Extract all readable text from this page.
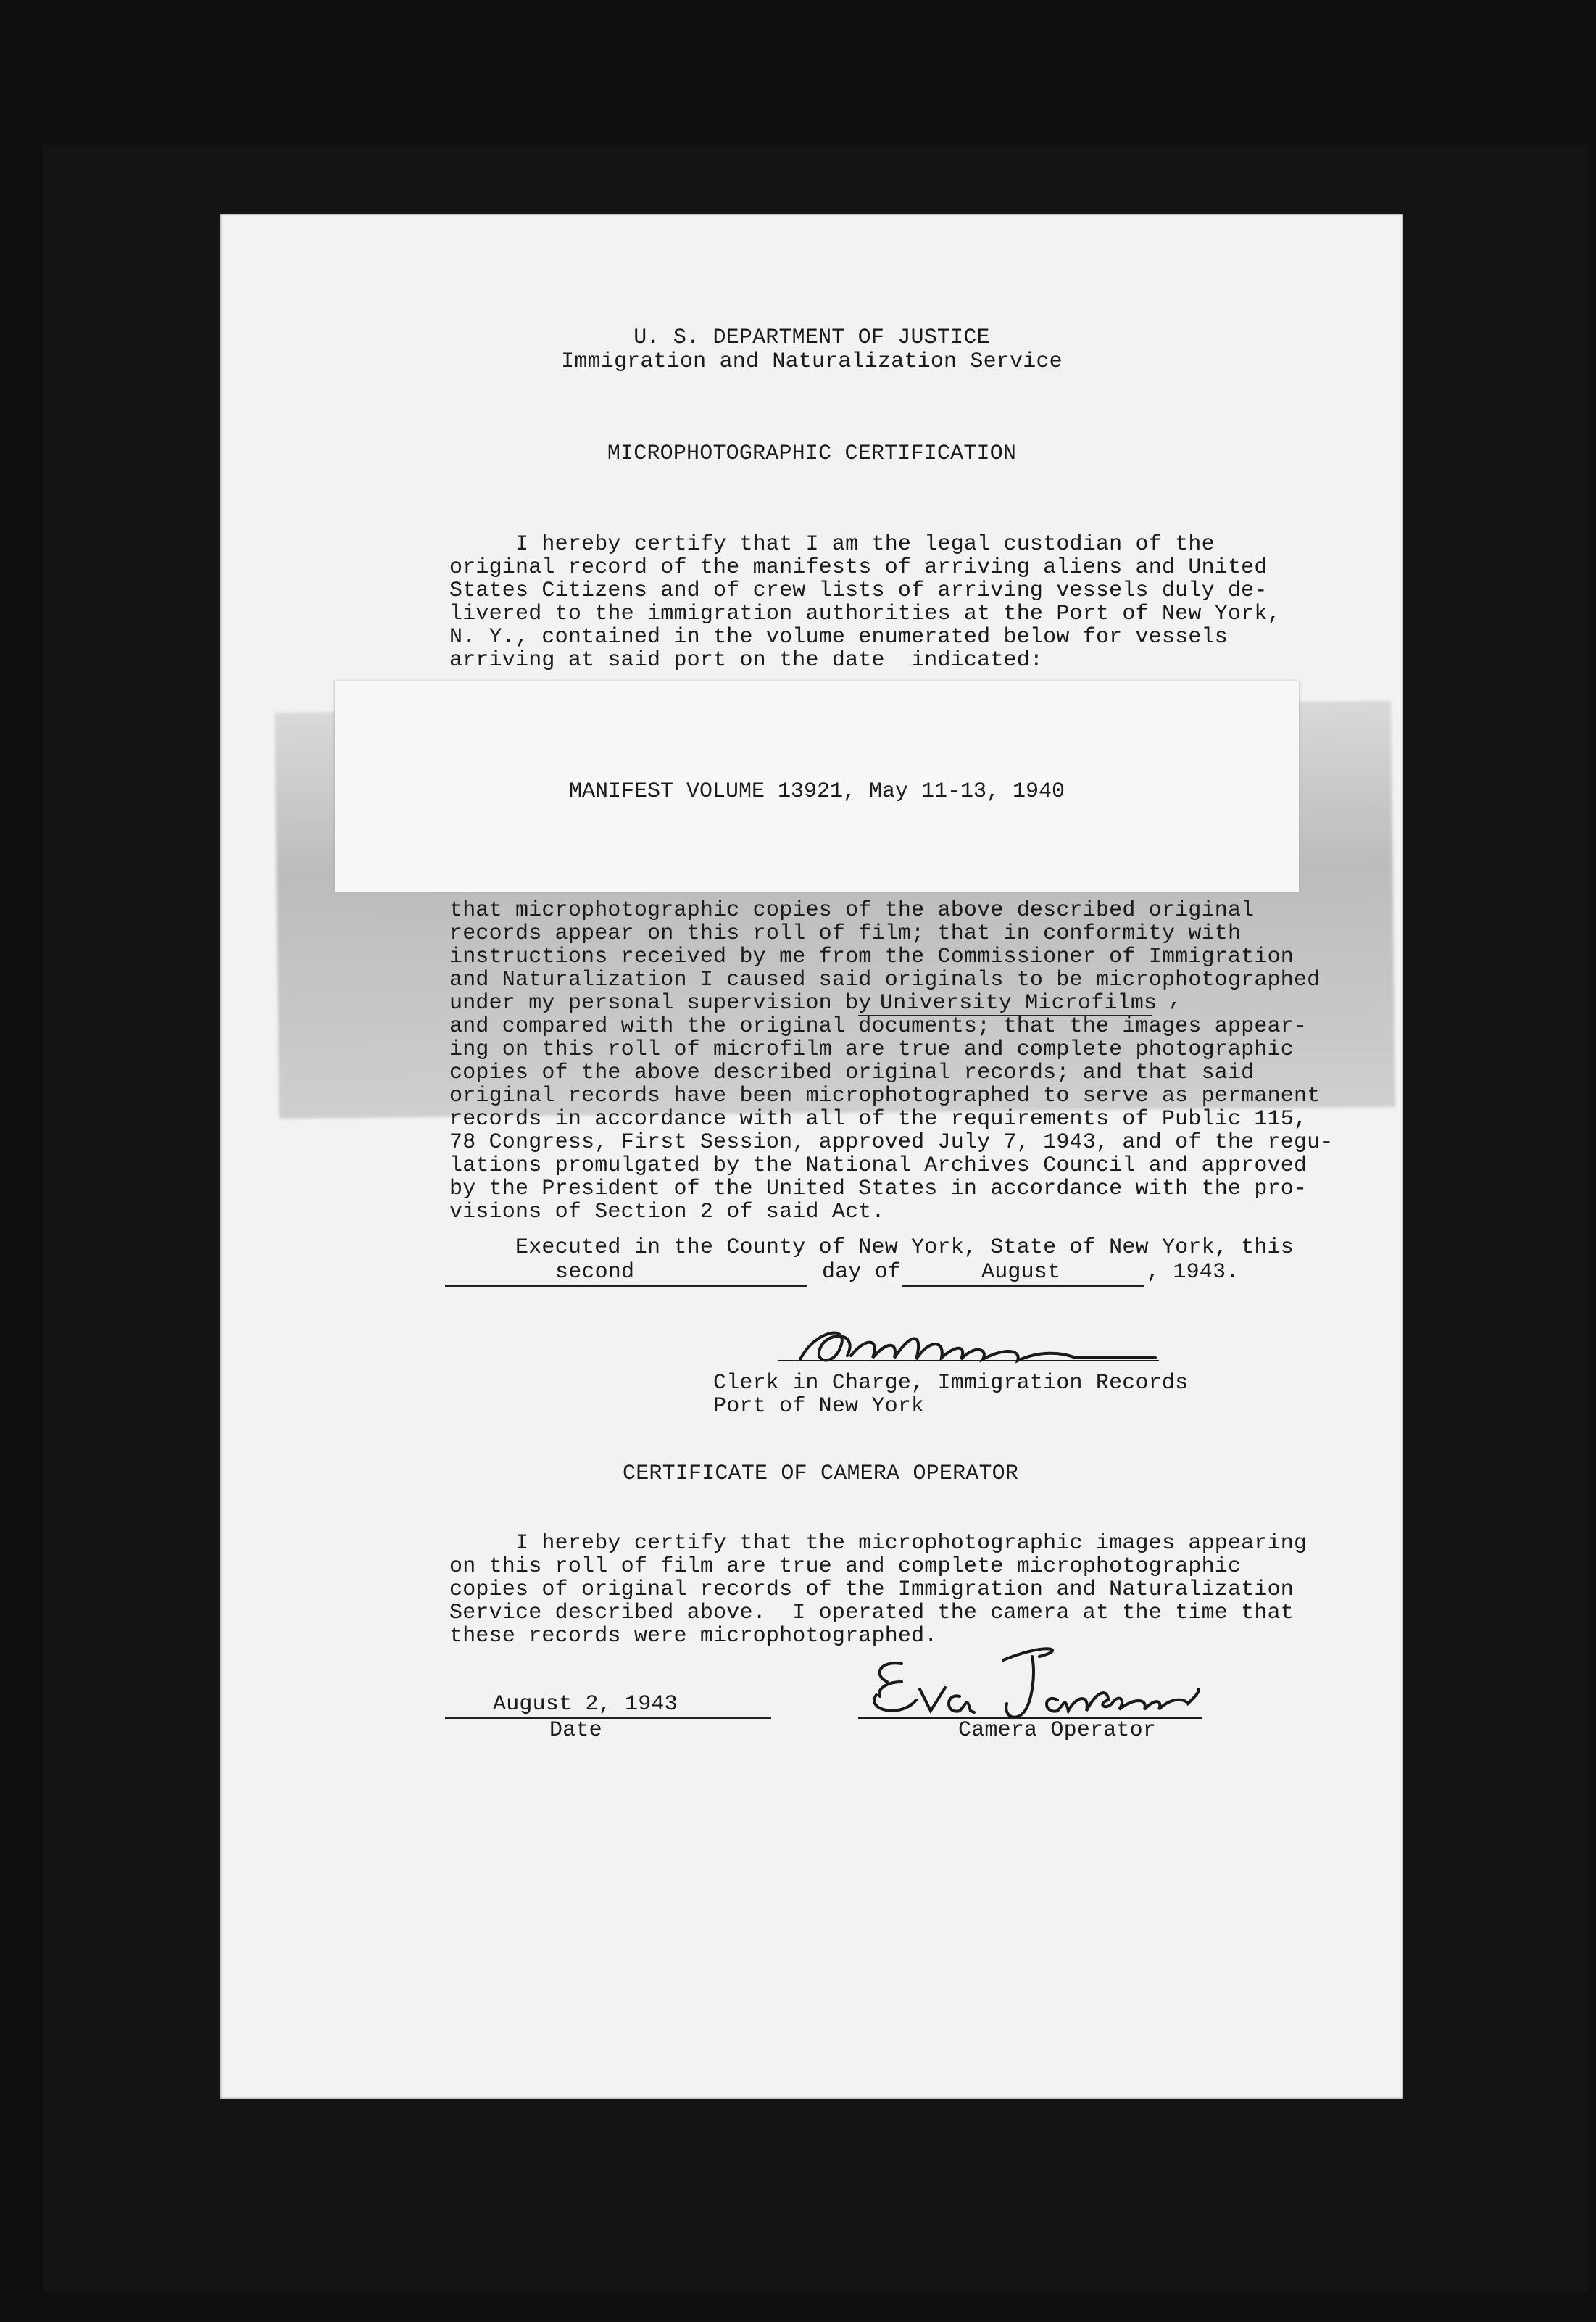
U. S. DEPARTMENT OF JUSTICE
Immigration and Naturalization Service
MICROPHOTOGRAPHIC CERTIFICATION
I hereby certify that I am the legal custodian of the
original record of the manifests of arriving aliens and United
States Citizens and of crew lists of arriving vessels duly de-
livered to the immigration authorities at the Port of New York,
N. Y., contained in the volume enumerated below for vessels
arriving at said port on the date  indicated:
MANIFEST VOLUME 13921, May 11-13, 1940
that microphotographic copies of the above described original
records appear on this roll of film; that in conformity with
instructions received by me from the Commissioner of Immigration
and Naturalization I caused said originals to be microphotographed
under my personal supervision by University Microfilms ,
and compared with the original documents; that the images appear-
ing on this roll of microfilm are true and complete photographic
copies of the above described original records; and that said
original records have been microphotographed to serve as permanent
records in accordance with all of the requirements of Public 115,
78 Congress, First Session, approved July 7, 1943, and of the regu-
lations promulgated by the National Archives Council and approved
by the President of the United States in accordance with the pro-
visions of Section 2 of said Act.
Executed in the County of New York, State of New York, this
second	day of	August	, 1943.
Clerk in Charge, Immigration Records
Port of New York
CERTIFICATE OF CAMERA OPERATOR
I hereby certify that the microphotographic images appearing
on this roll of film are true and complete microphotographic
copies of original records of the Immigration and Naturalization
Service described above.  I operated the camera at the time that
these records were microphotographed.
August 2, 1943
Date	Camera Operator
